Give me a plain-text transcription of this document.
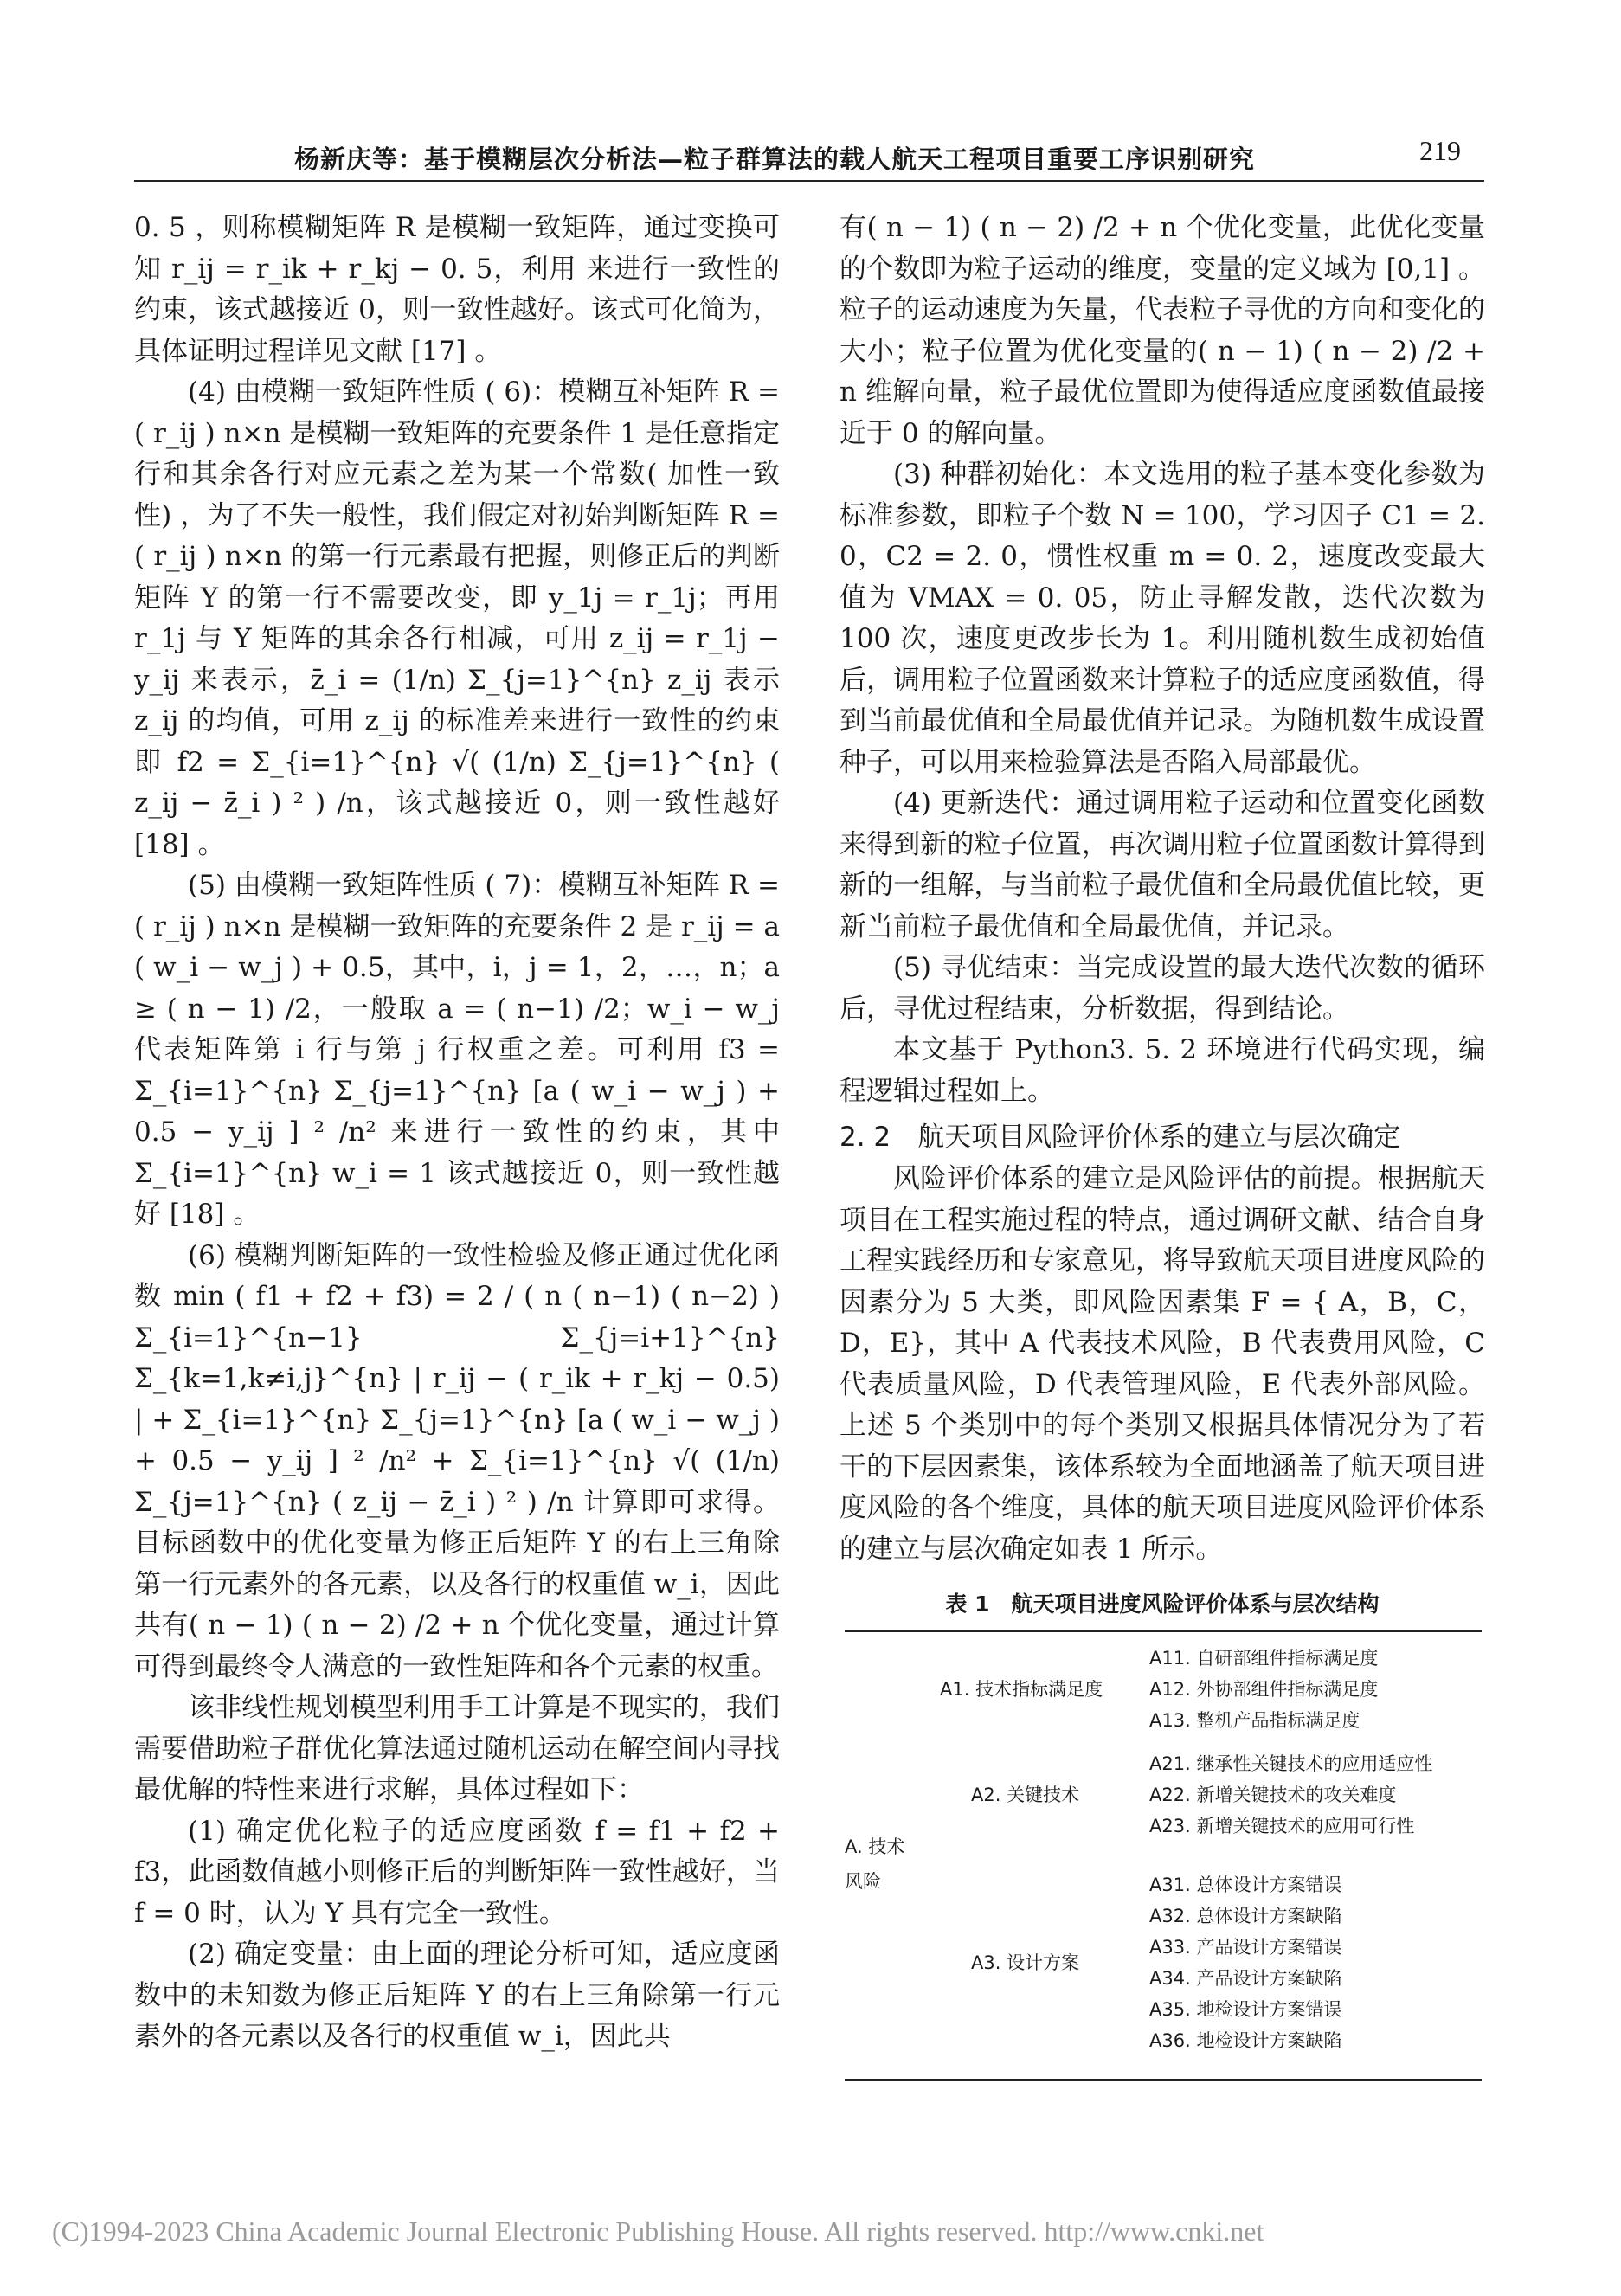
杨新庆等：基于模糊层次分析法—粒子群算法的载人航天工程项目重要工序识别研究	219

0. 5 ，则称模糊矩阵 R 是模糊一致矩阵，通过变换可知 r_ij = r_ik + r_kj − 0. 5，利用 来进行一致性的约束，该式越接近 0，则一致性越好。该式可化简为，具体证明过程详见文献 [17] 。

(4) 由模糊一致矩阵性质 ( 6)：模糊互补矩阵 R = ( r_ij ) n×n 是模糊一致矩阵的充要条件 1 是任意指定行和其余各行对应元素之差为某一个常数( 加性一致性) ，为了不失一般性，我们假定对初始判断矩阵 R = ( r_ij ) n×n 的第一行元素最有把握，则修正后的判断矩阵 Y 的第一行不需要改变，即 y_1j = r_1j；再用 r_1j 与 Y 矩阵的其余各行相减，可用 z_ij = r_1j − y_ij 来表示，z̄_i = (1/n) Σ_{j=1}^{n} z_ij 表示 z_ij 的均值，可用 z_ij 的标准差来进行一致性的约束即 f2 = Σ_{i=1}^{n} √( (1/n) Σ_{j=1}^{n} ( z_ij − z̄_i ) ² ) /n，该式越接近 0，则一致性越好 [18] 。

(5) 由模糊一致矩阵性质 ( 7)：模糊互补矩阵 R = ( r_ij ) n×n 是模糊一致矩阵的充要条件 2 是 r_ij = a ( w_i − w_j ) + 0.5，其中，i，j = 1，2，…，n；a ≥ ( n − 1) /2，一般取 a = ( n−1) /2；w_i − w_j 代表矩阵第 i 行与第 j 行权重之差。可利用 f3 = Σ_{i=1}^{n} Σ_{j=1}^{n} [a ( w_i − w_j ) + 0.5 − y_ij ] ² /n² 来进行一致性的约束，其中 Σ_{i=1}^{n} w_i = 1 该式越接近 0，则一致性越好 [18] 。

(6) 模糊判断矩阵的一致性检验及修正通过优化函数 min ( f1 + f2 + f3) = 2 / ( n ( n−1) ( n−2) ) Σ_{i=1}^{n−1} Σ_{j=i+1}^{n} Σ_{k=1,k≠i,j}^{n} | r_ij − ( r_ik + r_kj − 0.5) | + Σ_{i=1}^{n} Σ_{j=1}^{n} [a ( w_i − w_j ) + 0.5 − y_ij ] ² /n² + Σ_{i=1}^{n} √( (1/n) Σ_{j=1}^{n} ( z_ij − z̄_i ) ² ) /n 计算即可求得。目标函数中的优化变量为修正后矩阵 Y 的右上三角除第一行元素外的各元素，以及各行的权重值 w_i，因此共有( n − 1) ( n − 2) /2 + n 个优化变量，通过计算可得到最终令人满意的一致性矩阵和各个元素的权重。

该非线性规划模型利用手工计算是不现实的，我们需要借助粒子群优化算法通过随机运动在解空间内寻找最优解的特性来进行求解，具体过程如下：

(1) 确定优化粒子的适应度函数 f = f1 + f2 + f3，此函数值越小则修正后的判断矩阵一致性越好，当 f = 0 时，认为 Y 具有完全一致性。

(2) 确定变量：由上面的理论分析可知，适应度函数中的未知数为修正后矩阵 Y 的右上三角除第一行元素外的各元素以及各行的权重值 w_i，因此共

有( n − 1) ( n − 2) /2 + n 个优化变量，此优化变量的个数即为粒子运动的维度，变量的定义域为 [0,1] 。粒子的运动速度为矢量，代表粒子寻优的方向和变化的大小；粒子位置为优化变量的( n − 1) ( n − 2) /2 + n 维解向量，粒子最优位置即为使得适应度函数值最接近于 0 的解向量。

(3) 种群初始化：本文选用的粒子基本变化参数为标准参数，即粒子个数 N = 100，学习因子 C1 = 2. 0，C2 = 2. 0，惯性权重 m = 0. 2，速度改变最大值为 VMAX = 0. 05，防止寻解发散，迭代次数为 100 次，速度更改步长为 1。利用随机数生成初始值后，调用粒子位置函数来计算粒子的适应度函数值，得到当前最优值和全局最优值并记录。为随机数生成设置种子，可以用来检验算法是否陷入局部最优。

(4) 更新迭代：通过调用粒子运动和位置变化函数来得到新的粒子位置，再次调用粒子位置函数计算得到新的一组解，与当前粒子最优值和全局最优值比较，更新当前粒子最优值和全局最优值，并记录。

(5) 寻优结束：当完成设置的最大迭代次数的循环后，寻优过程结束，分析数据，得到结论。

本文基于 Python3. 5. 2 环境进行代码实现，编程逻辑过程如上。

2. 2　航天项目风险评价体系的建立与层次确定

风险评价体系的建立是风险评估的前提。根据航天项目在工程实施过程的特点，通过调研文献、结合自身工程实践经历和专家意见，将导致航天项目进度风险的因素分为 5 大类，即风险因素集 F = { A，B，C，D，E}，其中 A 代表技术风险，B 代表费用风险，C 代表质量风险，D 代表管理风险，E 代表外部风险。上述 5 个类别中的每个类别又根据具体情况分为了若干的下层因素集，该体系较为全面地涵盖了航天项目进度风险的各个维度，具体的航天项目进度风险评价体系的建立与层次确定如表 1 所示。

表 1　航天项目进度风险评价体系与层次结构
A. 技术风险
A1. 技术指标满足度
A11. 自研部组件指标满足度
A12. 外协部组件指标满足度
A13. 整机产品指标满足度
A2. 关键技术
A21. 继承性关键技术的应用适应性
A22. 新增关键技术的攻关难度
A23. 新增关键技术的应用可行性
A3. 设计方案
A31. 总体设计方案错误
A32. 总体设计方案缺陷
A33. 产品设计方案错误
A34. 产品设计方案缺陷
A35. 地检设计方案错误
A36. 地检设计方案缺陷
(C)1994-2023 China Academic Journal Electronic Publishing House. All rights reserved. http://www.cnki.net
